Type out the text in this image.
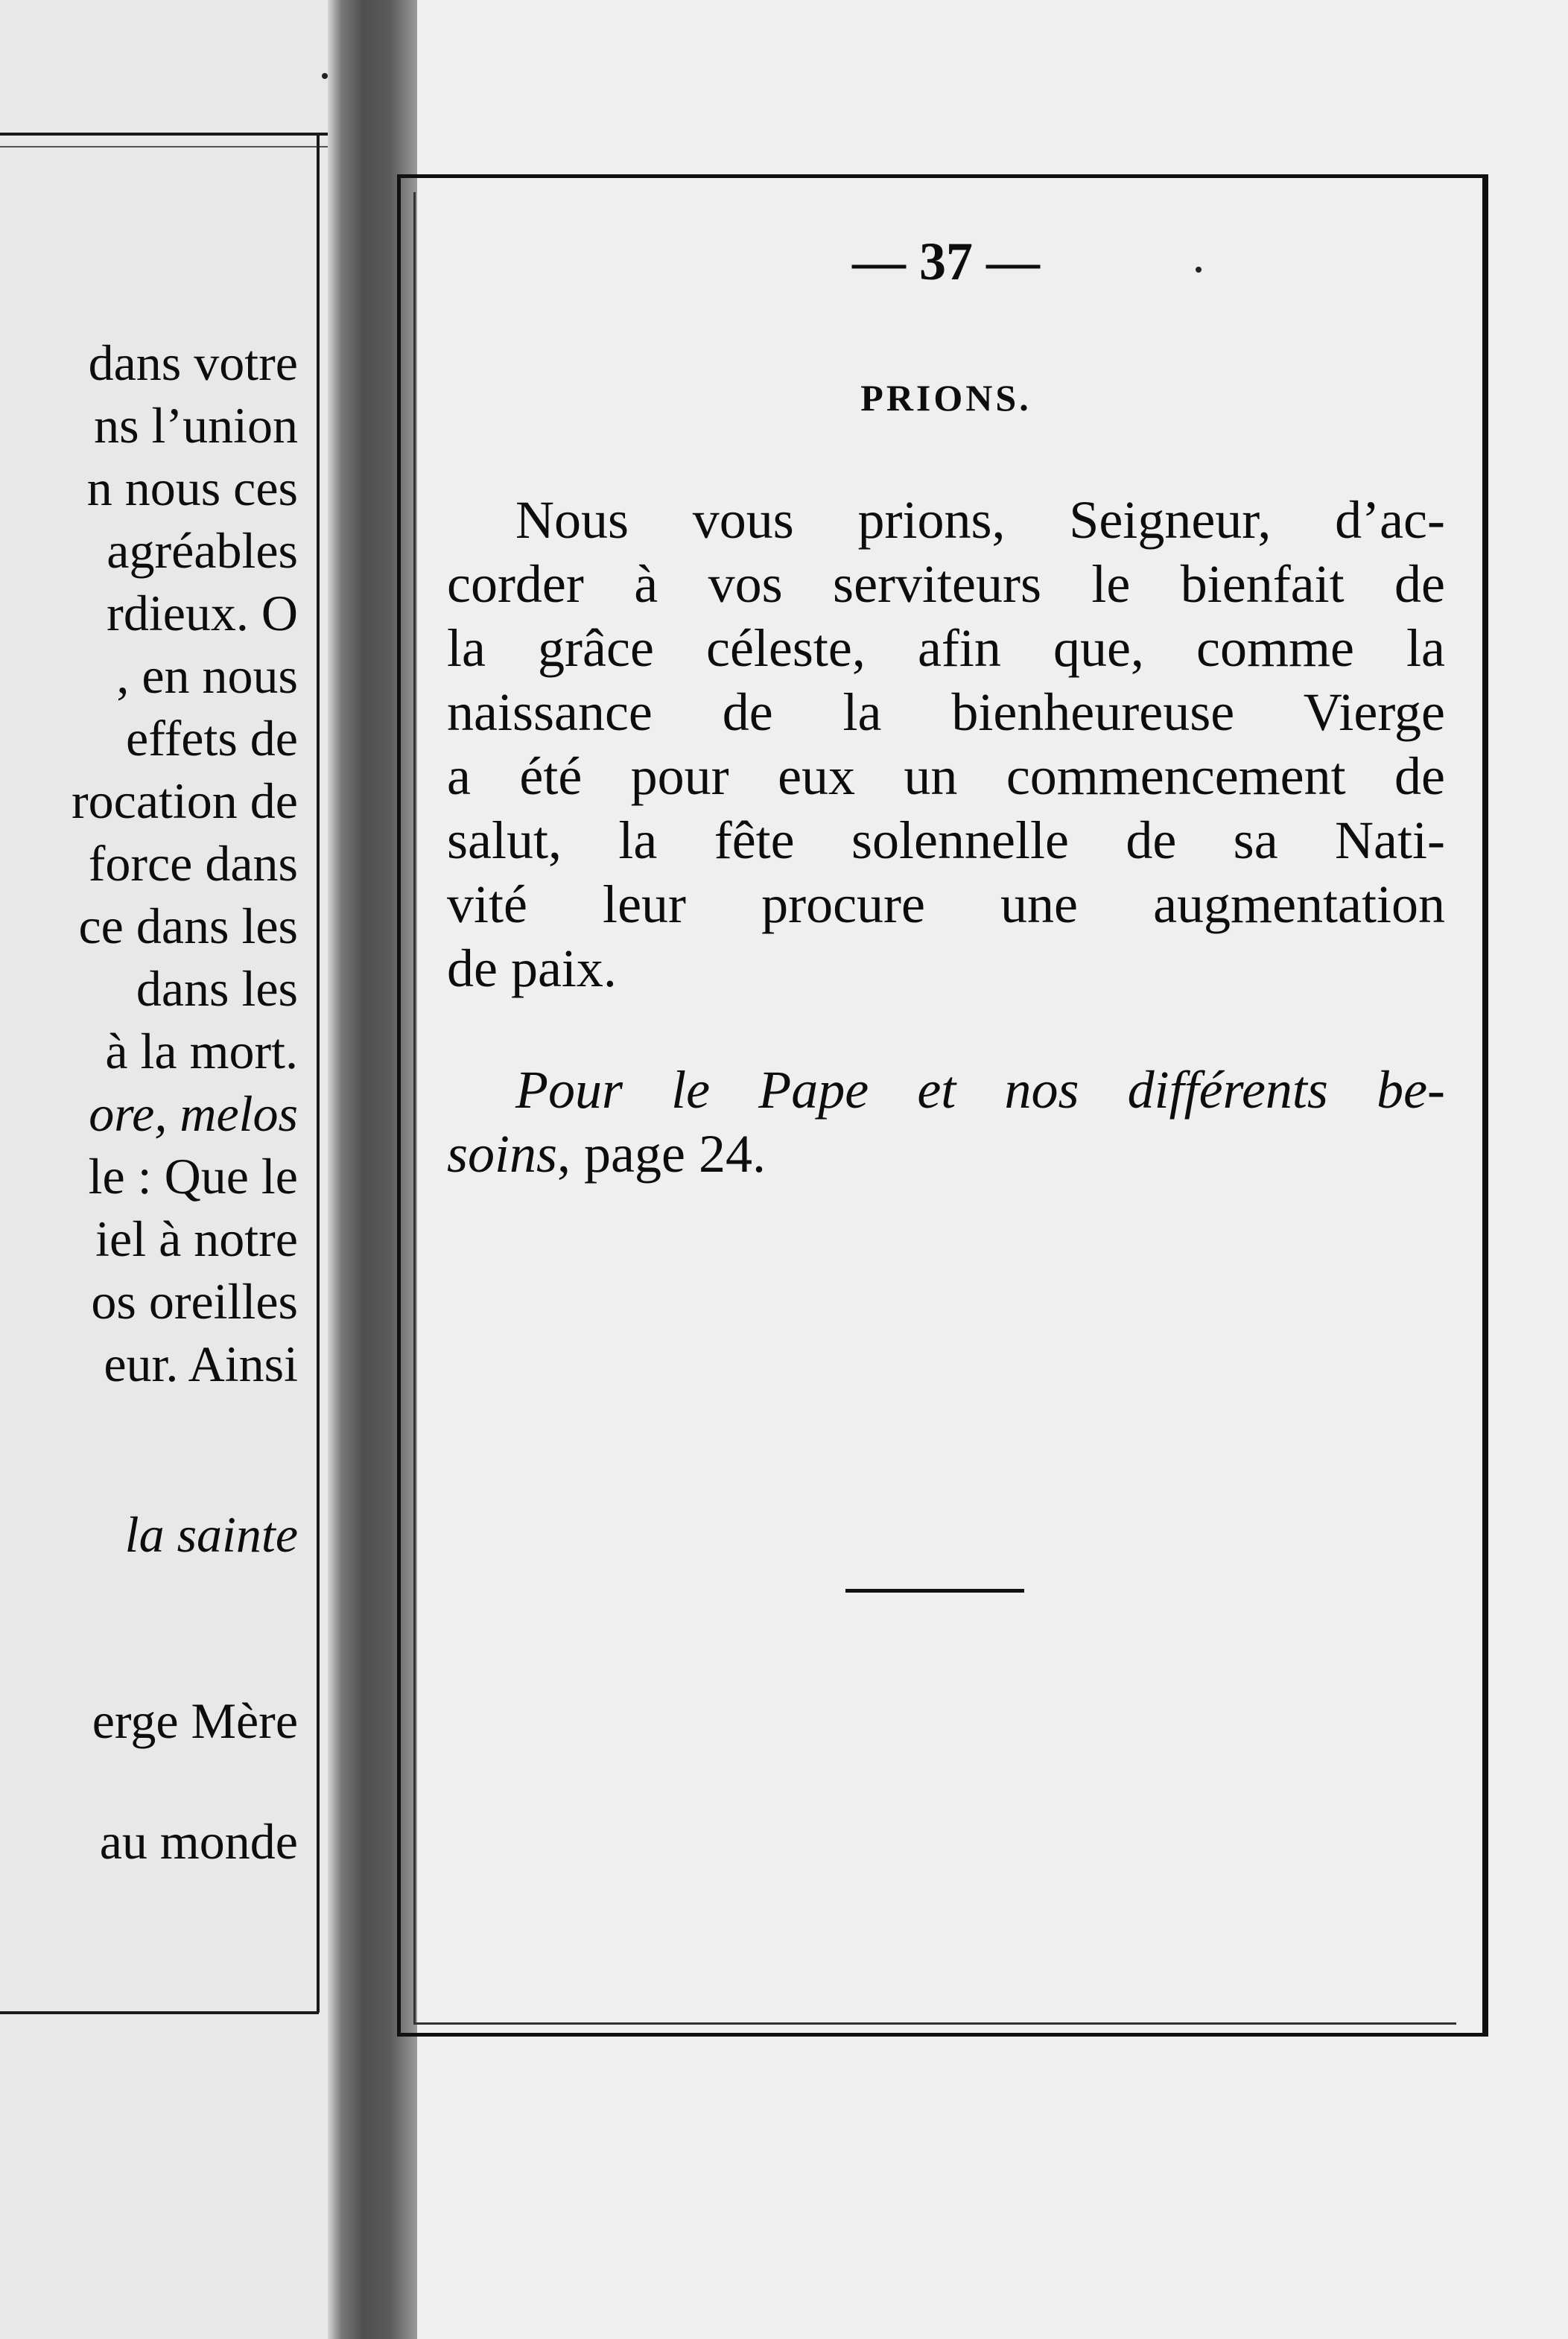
dans votre
ns l’union
n nous ces
agréables
rdieux. O
, en nous
effets de
rocation de
force dans
ce dans les
dans les
à la mort.
ore, melos
le : Que le
iel à notre
os oreilles
eur. Ainsi
la sainte
erge Mère
au monde
— 37 —
PRIONS.
Nous vous prions, Seigneur, d’ac-
corder à vos serviteurs le bienfait de
la grâce céleste, afin que, comme la
naissance de la bienheureuse Vierge
a été pour eux un commencement de
salut, la fête solennelle de sa Nati-
vité leur procure une augmentation
de paix.
Pour le Pape et nos différents be-
soins, page 24.
